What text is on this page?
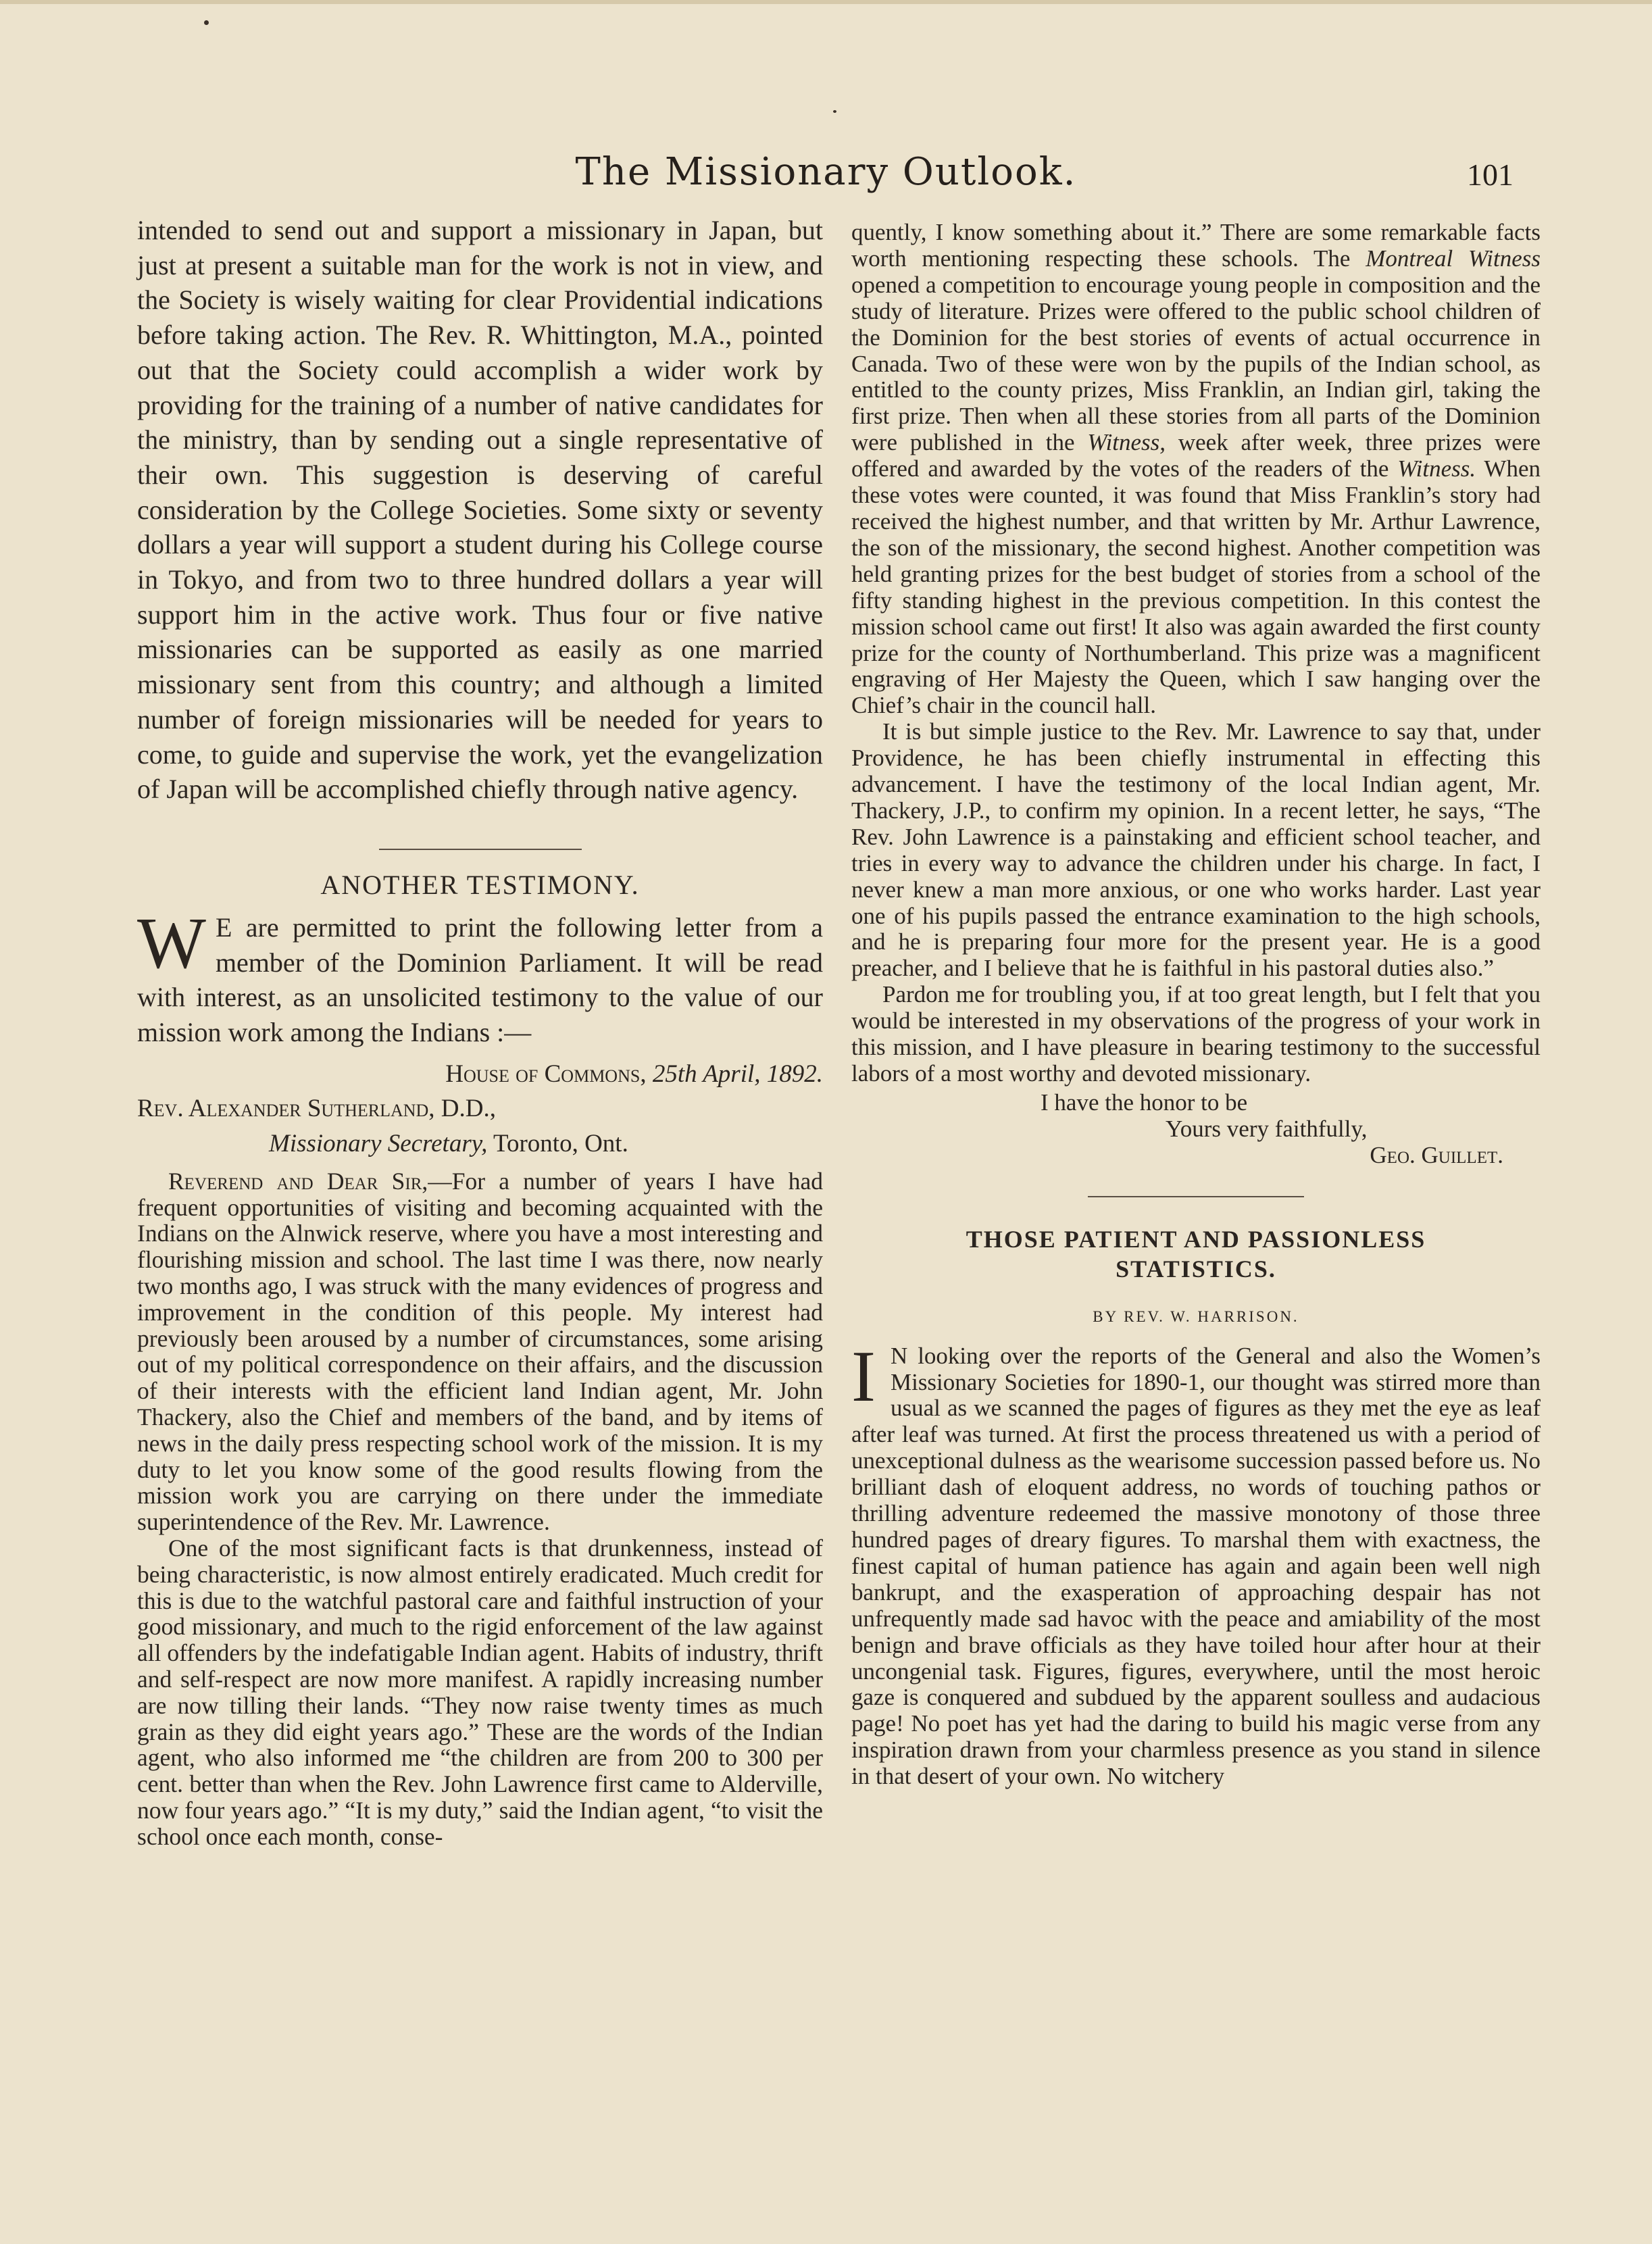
The Missionary Outlook.	101

intended to send out and support a missionary in Japan, but just at present a suitable man for the work is not in view, and the Society is wisely waiting for clear Providential indications before taking action. The Rev. R. Whittington, M.A., pointed out that the Society could accomplish a wider work by providing for the training of a number of native candidates for the ministry, than by sending out a single representative of their own. This suggestion is deserving of careful consideration by the College Societies. Some sixty or seventy dollars a year will support a student during his College course in Tokyo, and from two to three hundred dollars a year will support him in the active work. Thus four or five native missionaries can be supported as easily as one married missionary sent from this country; and although a limited number of foreign missionaries will be needed for years to come, to guide and supervise the work, yet the evangelization of Japan will be accomplished chiefly through native agency.

ANOTHER TESTIMONY.

W E are permitted to print the following letter from a member of the Dominion Parliament. It will be read with interest, as an unsolicited testimony to the value of our mission work among the Indians :—

House of Commons, 25th April, 1892.

Rev. Alexander Sutherland, D.D.,

Missionary Secretary, Toronto, Ont.

Reverend and Dear Sir,—For a number of years I have had frequent opportunities of visiting and becoming acquainted with the Indians on the Alnwick reserve, where you have a most interesting and flourishing mission and school. The last time I was there, now nearly two months ago, I was struck with the many evidences of progress and improvement in the condition of this people. My interest had previously been aroused by a number of circumstances, some arising out of my political correspondence on their affairs, and the discussion of their interests with the efficient land Indian agent, Mr. John Thackery, also the Chief and members of the band, and by items of news in the daily press respecting school work of the mission. It is my duty to let you know some of the good results flowing from the mission work you are carrying on there under the immediate superintendence of the Rev. Mr. Lawrence.

One of the most significant facts is that drunkenness, instead of being characteristic, is now almost entirely eradicated. Much credit for this is due to the watchful pastoral care and faithful instruction of your good missionary, and much to the rigid enforcement of the law against all offenders by the indefatigable Indian agent. Habits of industry, thrift and self-respect are now more manifest. A rapidly increasing number are now tilling their lands. “They now raise twenty times as much grain as they did eight years ago.” These are the words of the Indian agent, who also informed me “the children are from 200 to 300 per cent. better than when the Rev. John Lawrence first came to Alderville, now four years ago.” “It is my duty,” said the Indian agent, “to visit the school once each month, conse-

quently, I know something about it.” There are some remarkable facts worth mentioning respecting these schools. The Montreal Witness opened a competition to encourage young people in composition and the study of literature. Prizes were offered to the public school children of the Dominion for the best stories of events of actual occurrence in Canada. Two of these were won by the pupils of the Indian school, as entitled to the county prizes, Miss Franklin, an Indian girl, taking the first prize. Then when all these stories from all parts of the Dominion were published in the Witness, week after week, three prizes were offered and awarded by the votes of the readers of the Witness. When these votes were counted, it was found that Miss Franklin’s story had received the highest number, and that written by Mr. Arthur Lawrence, the son of the missionary, the second highest. Another competition was held granting prizes for the best budget of stories from a school of the fifty standing highest in the previous competition. In this contest the mission school came out first! It also was again awarded the first county prize for the county of Northumberland. This prize was a magnificent engraving of Her Majesty the Queen, which I saw hanging over the Chief’s chair in the council hall.

It is but simple justice to the Rev. Mr. Lawrence to say that, under Providence, he has been chiefly instrumental in effecting this advancement. I have the testimony of the local Indian agent, Mr. Thackery, J.P., to confirm my opinion. In a recent letter, he says, “The Rev. John Lawrence is a painstaking and efficient school teacher, and tries in every way to advance the children under his charge. In fact, I never knew a man more anxious, or one who works harder. Last year one of his pupils passed the entrance examination to the high schools, and he is preparing four more for the present year. He is a good preacher, and I believe that he is faithful in his pastoral duties also.”

Pardon me for troubling you, if at too great length, but I felt that you would be interested in my observations of the progress of your work in this mission, and I have pleasure in bearing testimony to the successful labors of a most worthy and devoted missionary.

I have the honor to be

Yours very faithfully,

Geo. Guillet.

THOSE PATIENT AND PASSIONLESS
STATISTICS.

BY REV. W. HARRISON.

I N looking over the reports of the General and also the Women’s Missionary Societies for 1890-1, our thought was stirred more than usual as we scanned the pages of figures as they met the eye as leaf after leaf was turned. At first the process threatened us with a period of unexceptional dulness as the wearisome succession passed before us. No brilliant dash of eloquent address, no words of touching pathos or thrilling adventure redeemed the massive monotony of those three hundred pages of dreary figures. To marshal them with exactness, the finest capital of human patience has again and again been well nigh bankrupt, and the exasperation of approaching despair has not unfrequently made sad havoc with the peace and amiability of the most benign and brave officials as they have toiled hour after hour at their uncongenial task. Figures, figures, everywhere, until the most heroic gaze is conquered and subdued by the apparent soulless and audacious page! No poet has yet had the daring to build his magic verse from any inspiration drawn from your charmless presence as you stand in silence in that desert of your own. No witchery
